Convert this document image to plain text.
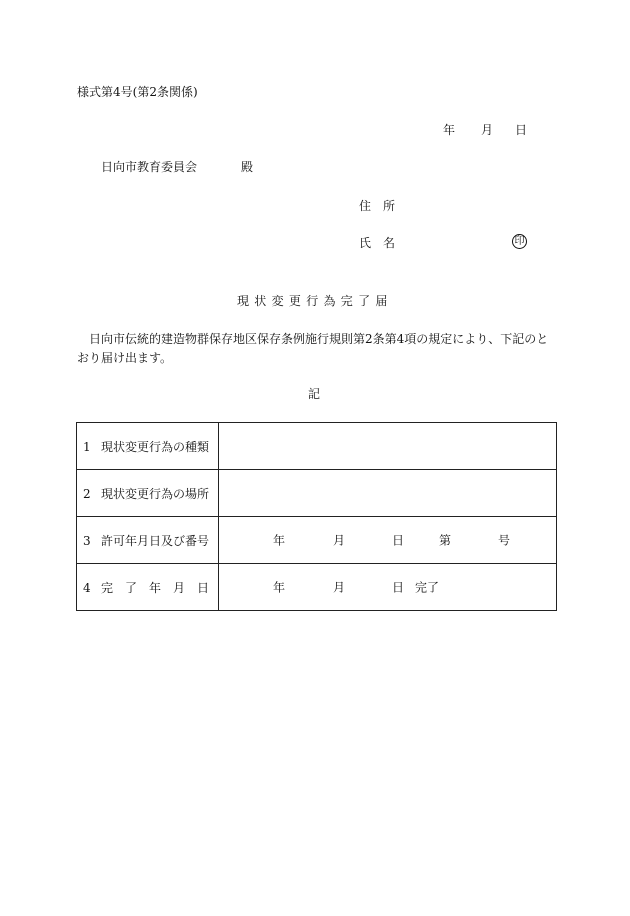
様式第4号(第2条関係)
年 月 日
日向市教育委員会	殿
住 所
氏 名	印
現状変更行為完了届
日向市伝統的建造物群保存地区保存条例施行規則第2条第4項の規定により、下記のとおり届け出ます。
記
1 現状変更行為の種類	
2 現状変更行為の場所	
3 許可年月日及び番号	年 月 日 第 号

4 完　了　年　月　日	年 月 日 完了
